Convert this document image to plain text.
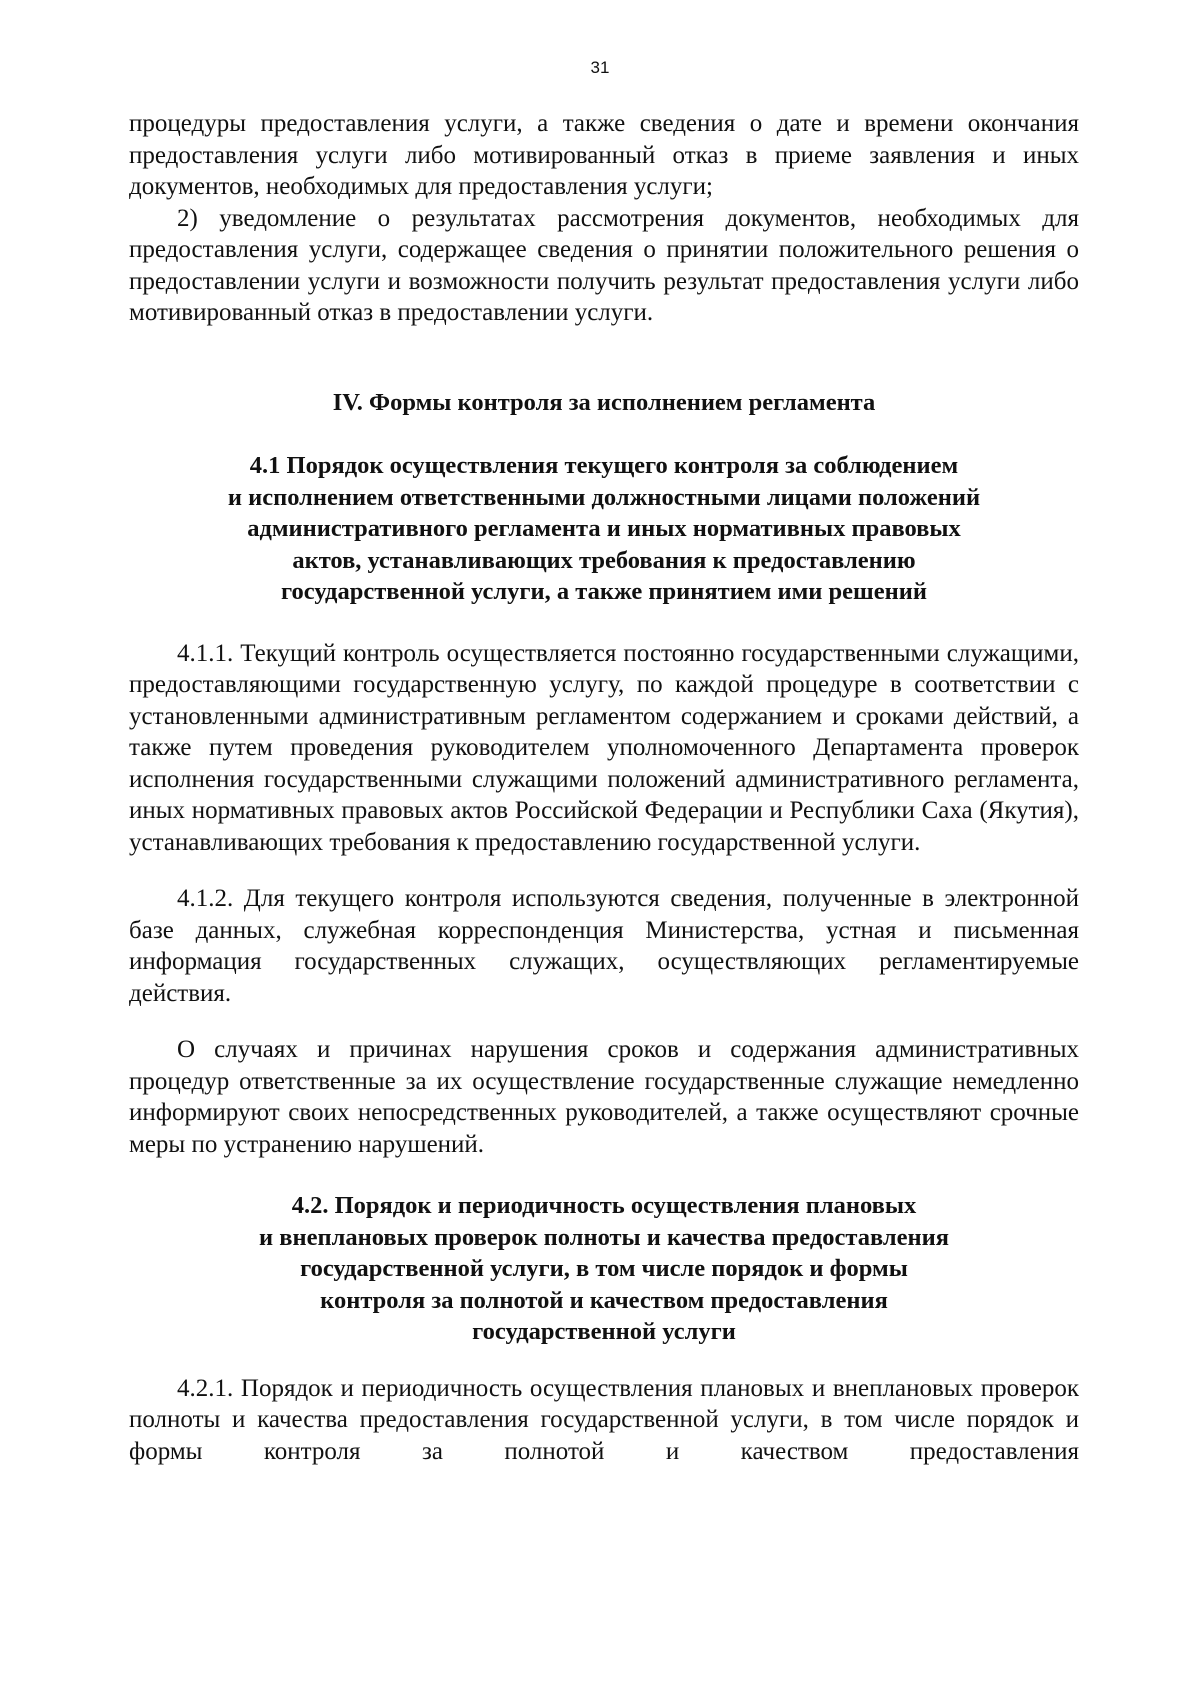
31

процедуры предоставления услуги, а также сведения о дате и времени окончания предоставления услуги либо мотивированный отказ в приеме заявления и иных документов, необходимых для предоставления услуги;

2) уведомление о результатах рассмотрения документов, необходимых для предоставления услуги, содержащее сведения о принятии положительного решения о предоставлении услуги и возможности получить результат предоставления услуги либо мотивированный отказ в предоставлении услуги.

IV. Формы контроля за исполнением регламента
4.1 Порядок осуществления текущего контроля за соблюдением
и исполнением ответственными должностными лицами положений
административного регламента и иных нормативных правовых
актов, устанавливающих требования к предоставлению
государственной услуги, а также принятием ими решений

4.1.1. Текущий контроль осуществляется постоянно государственными служащими, предоставляющими государственную услугу, по каждой процедуре в соответствии с установленными административным регламентом содержанием и сроками действий, а также путем проведения руководителем уполномоченного Департамента проверок исполнения государственными служащими положений административного регламента, иных нормативных правовых актов Российской Федерации и Республики Саха (Якутия), устанавливающих требования к предоставлению государственной услуги.

4.1.2. Для текущего контроля используются сведения, полученные в электронной базе данных, служебная корреспонденция Министерства, устная и письменная информация государственных служащих, осуществляющих регламентируемые действия.

О случаях и причинах нарушения сроков и содержания административных процедур ответственные за их осуществление государственные служащие немедленно информируют своих непосредственных руководителей, а также осуществляют срочные меры по устранению нарушений.

4.2. Порядок и периодичность осуществления плановых
и внеплановых проверок полноты и качества предоставления
государственной услуги, в том числе порядок и формы
контроля за полнотой и качеством предоставления
государственной услуги

4.2.1. Порядок и периодичность осуществления плановых и внеплановых проверок полноты и качества предоставления государственной услуги, в том числе порядок и формы контроля за полнотой и качеством предоставления
